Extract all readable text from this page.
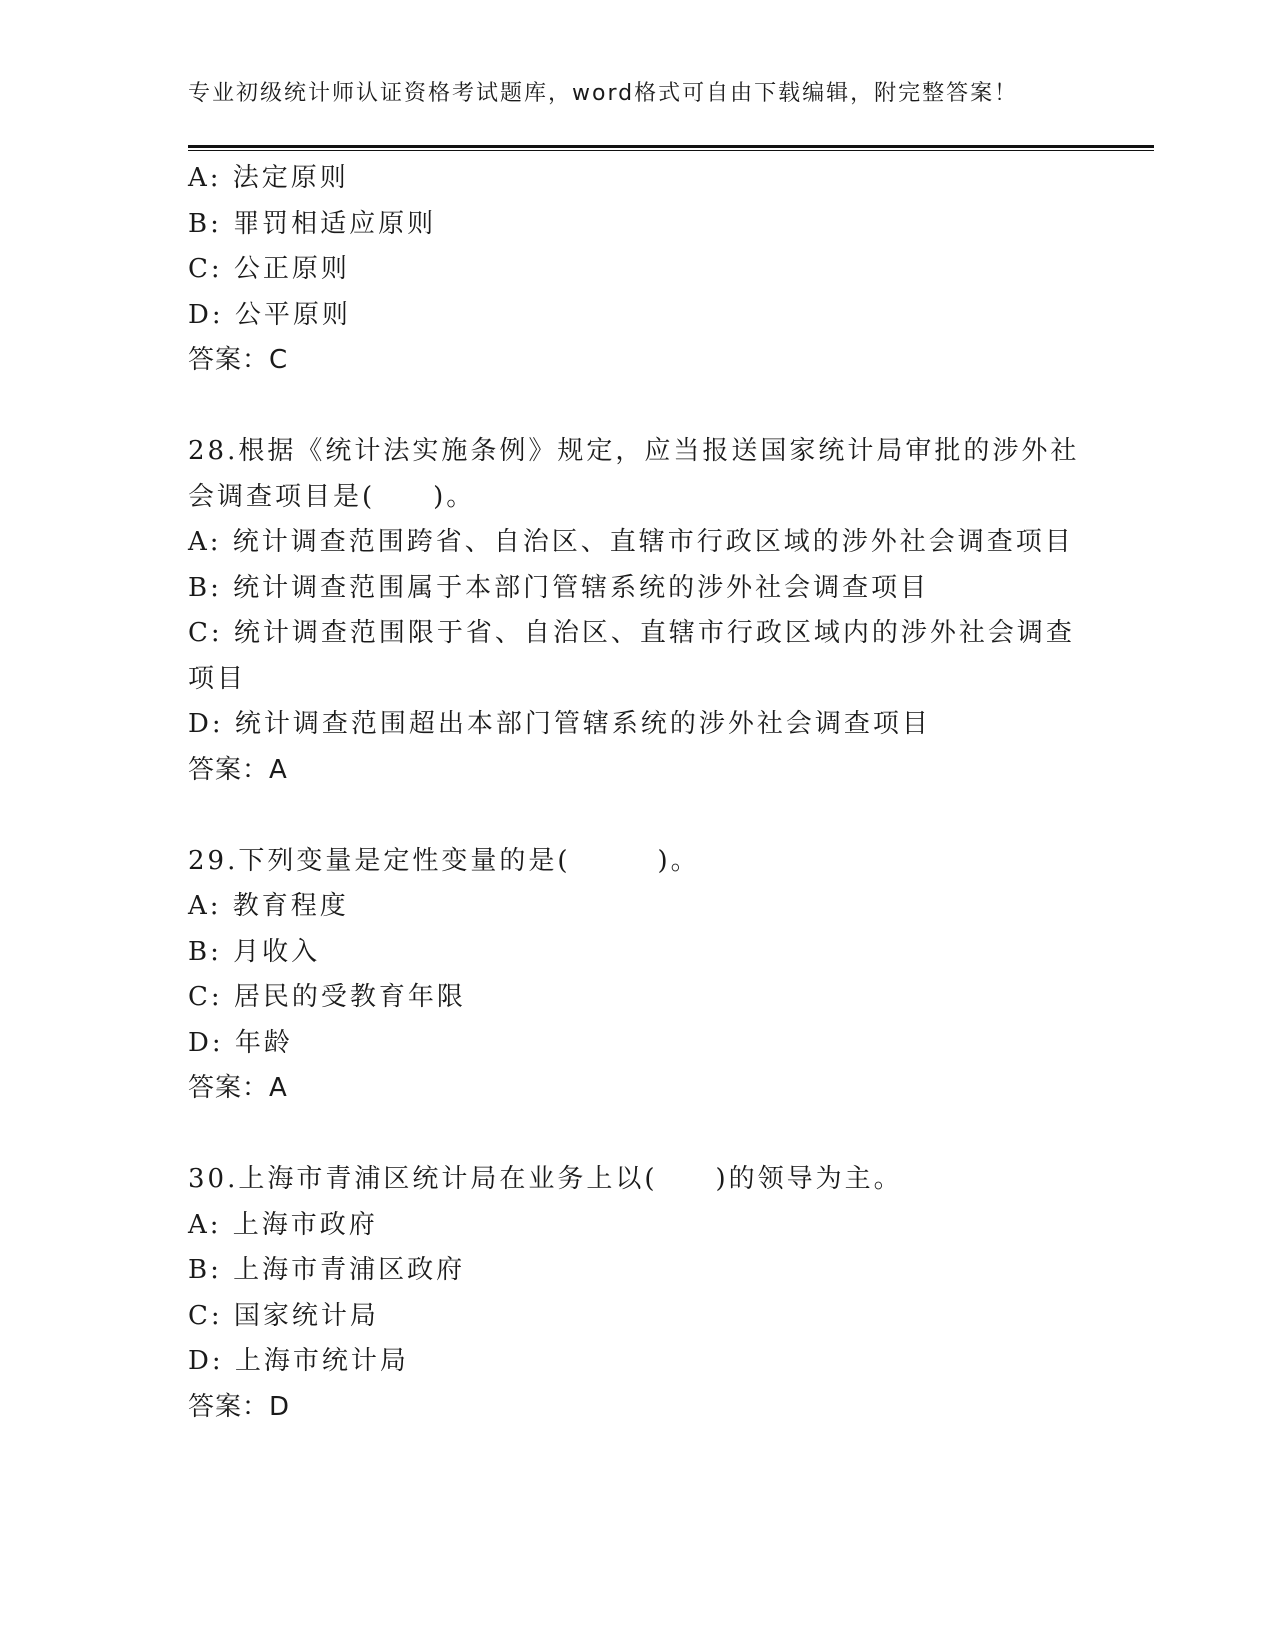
专业初级统计师认证资格考试题库，word格式可自由下载编辑，附完整答案！
A: 法定原则
B: 罪罚相适应原则
C: 公正原则
D: 公平原则
答案：C
28.根据《统计法实施条例》规定，应当报送国家统计局审批的涉外社
会调查项目是(　　)。
A: 统计调查范围跨省、自治区、直辖市行政区域的涉外社会调查项目
B: 统计调查范围属于本部门管辖系统的涉外社会调查项目
C: 统计调查范围限于省、自治区、直辖市行政区域内的涉外社会调查
项目
D: 统计调查范围超出本部门管辖系统的涉外社会调查项目
答案：A
29.下列变量是定性变量的是(　　　)。
A: 教育程度
B: 月收入
C: 居民的受教育年限
D: 年龄
答案：A
30.上海市青浦区统计局在业务上以(　　)的领导为主。
A: 上海市政府
B: 上海市青浦区政府
C: 国家统计局
D: 上海市统计局
答案：D
